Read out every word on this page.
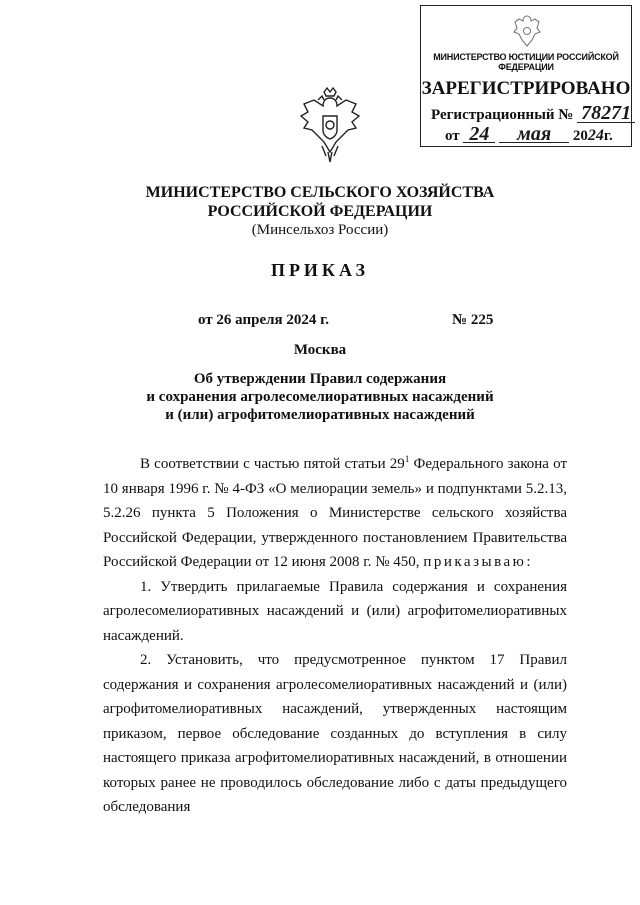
МИНИСТЕРСТВО ЮСТИЦИИ РОССИЙСКОЙ ФЕДЕРАЦИИ
ЗАРЕГИСТРИРОВАНО
Регистрационный № 78271
от 24 мая 2024г.
МИНИСТЕРСТВО СЕЛЬСКОГО ХОЗЯЙСТВА
РОССИЙСКОЙ ФЕДЕРАЦИИ
(Минсельхоз России)
ПРИКАЗ
от 26 апреля 2024 г.	№ 225
Москва
Об утверждении Правил содержания
и сохранения агролесомелиоративных насаждений
и (или) агрофитомелиоративных насаждений

В соответствии с частью пятой статьи $29^1$ Федерального закона от 10 января 1996 г. № 4-ФЗ «О мелиорации земель» и подпунктами 5.2.13, 5.2.26 пункта 5 Положения о Министерстве сельского хозяйства Российской Федерации, утвержденного постановлением Правительства Российской Федерации от 12 июня 2008 г. № 450, приказываю:

1. Утвердить прилагаемые Правила содержания и сохранения агролесомелиоративных насаждений и (или) агрофитомелиоративных насаждений.

2. Установить, что предусмотренное пунктом 17 Правил содержания и сохранения агролесомелиоративных насаждений и (или) агрофитомелиоративных насаждений, утвержденных настоящим приказом, первое обследование созданных до вступления в силу настоящего приказа агрофитомелиоративных насаждений, в отношении которых ранее не проводилось обследование либо с даты предыдущего обследования
